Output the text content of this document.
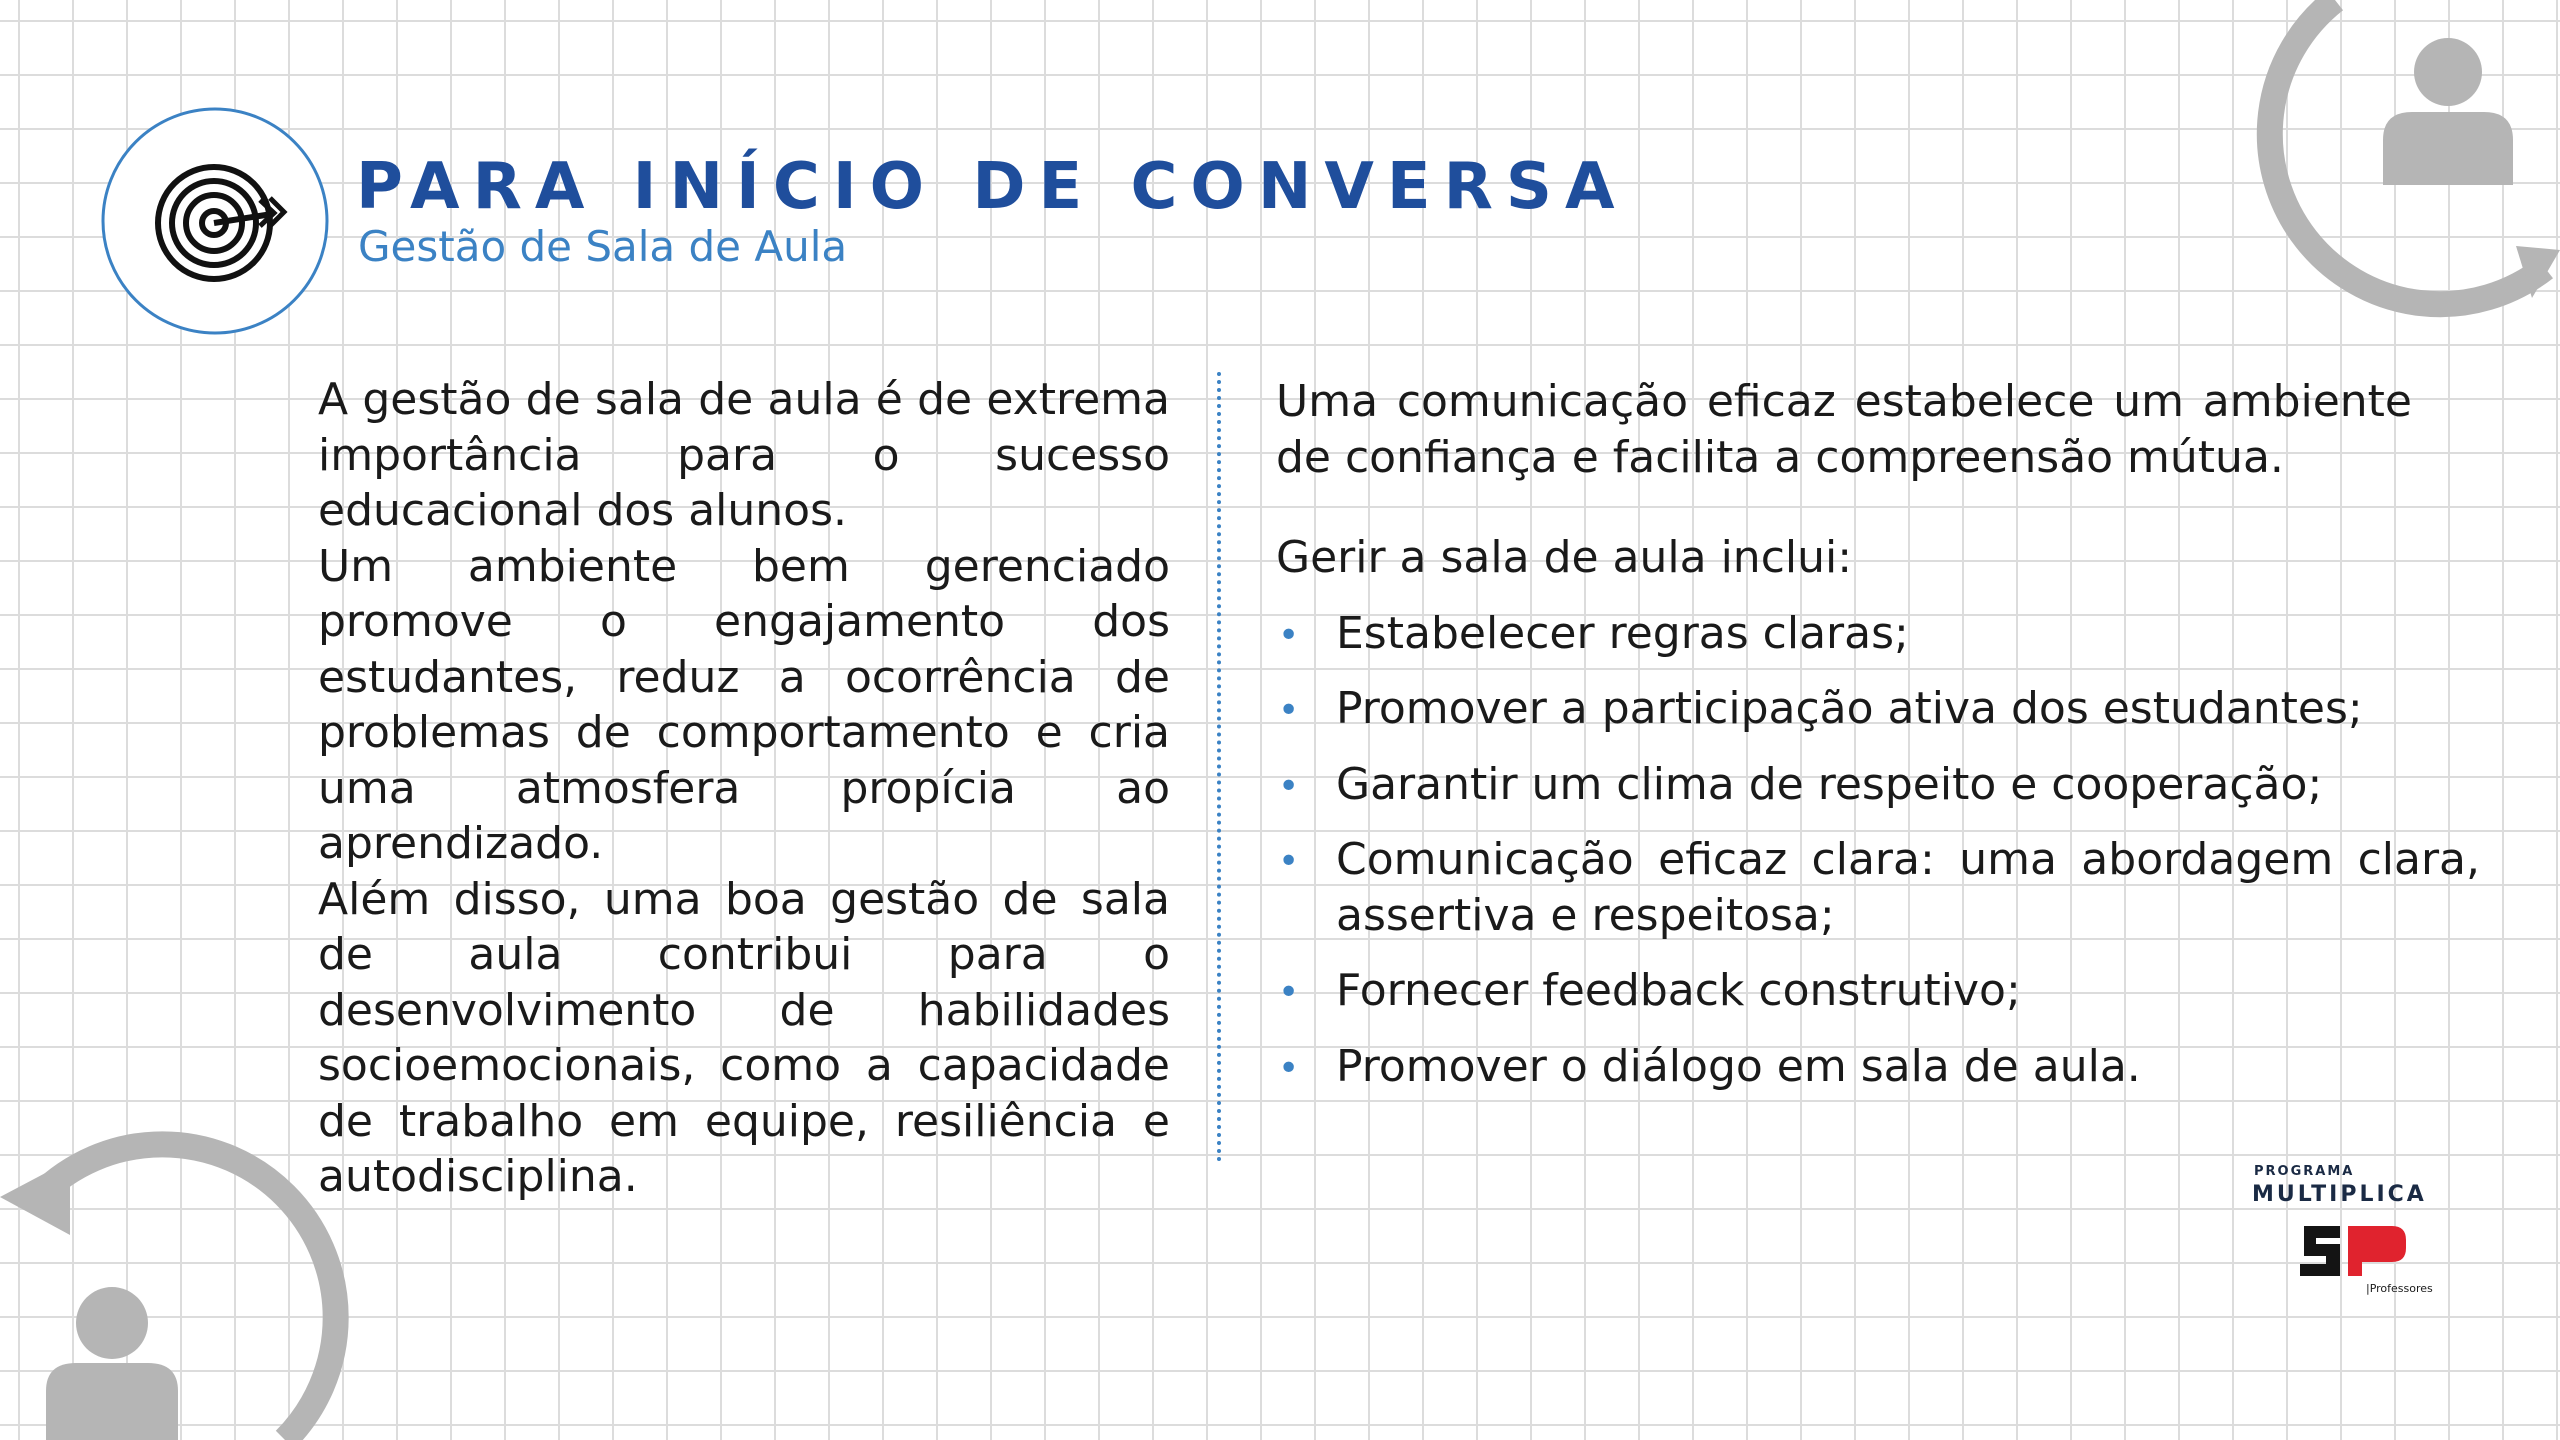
PARA INÍCIO DE CONVERSA
Gestão de Sala de Aula

A gestão de sala de aula é de extrema importância para o sucesso educacional dos alunos.

Um ambiente bem gerenciado promove o engajamento dos estudantes, reduz a ocorrência de problemas de comportamento e cria uma atmosfera propícia ao aprendizado.

Além disso, uma boa gestão de sala de aula contribui para o desenvolvimento de habilidades socioemocionais, como a capacidade de trabalho em equipe, resiliência e autodisciplina.

Uma comunicação eficaz estabelece um ambiente de confiança e facilita a compreensão mútua.

Gerir a sala de aula inclui:

• Estabelecer regras claras;
• Promover a participação ativa dos estudantes;
• Garantir um clima de respeito e cooperação;
• Comunicação eficaz clara: uma abordagem clara, assertiva e respeitosa;
• Fornecer feedback construtivo;
• Promover o diálogo em sala de aula.
PROGRAMA
MULTIPLICA
|Professores
